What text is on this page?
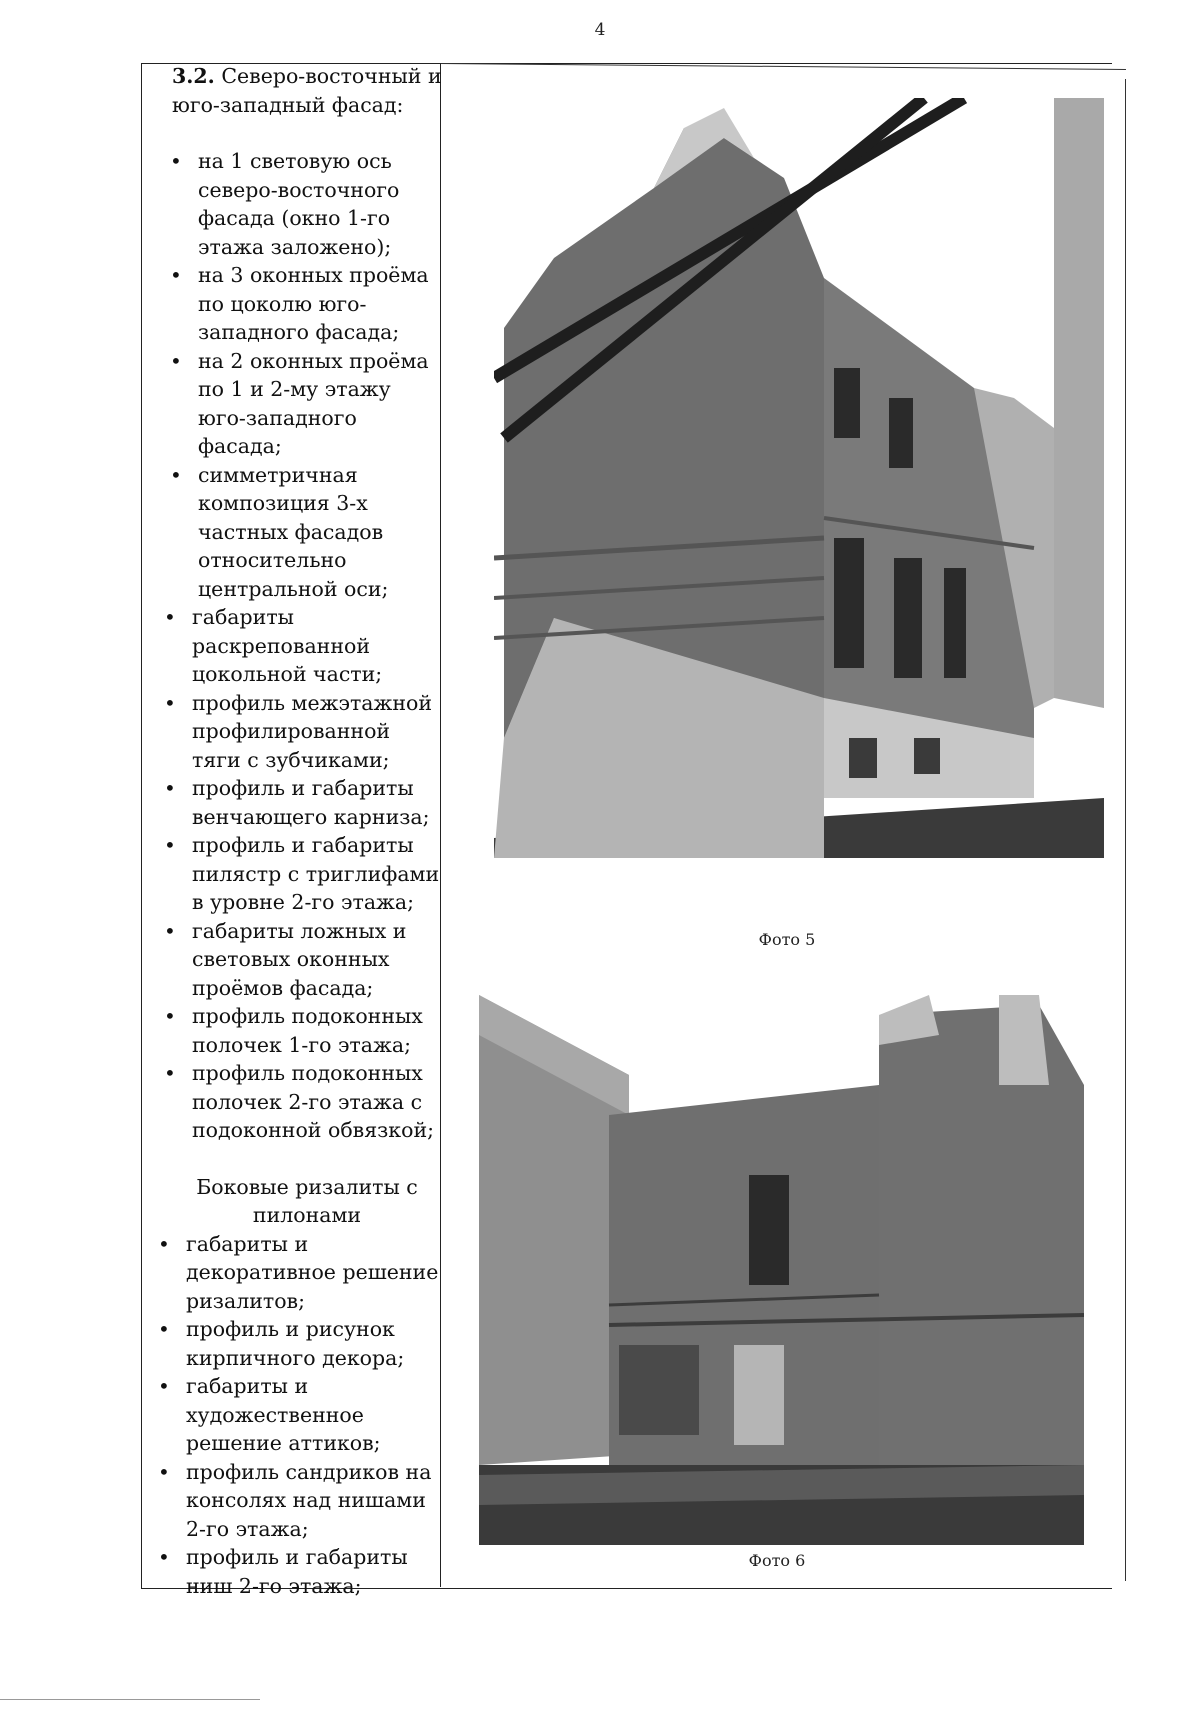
4
3.2. Северо-восточный и юго-западный фасад:
• на 1 световую ось северо-восточного фасада (окно 1-го этажа заложено);
• на 3 оконных проёма по цоколю юго-западного фасада;
• на 2 оконных проёма по 1 и 2-му этажу юго-западного фасада;
• симметричная композиция 3-х частных фасадов относительно центральной оси;
• габариты раскрепованной цокольной части;
• профиль межэтажной профилированной тяги с зубчиками;
• профиль и габариты венчающего карниза;
• профиль и габариты пилястр с триглифами в уровне 2-го этажа;
• габариты ложных и световых оконных проёмов фасада;
• профиль подоконных полочек 1-го этажа;
• профиль подоконных полочек 2-го этажа с подоконной обвязкой;
Боковые ризалиты с пилонами
• габариты и декоративное решение ризалитов;
• профиль и рисунок кирпичного декора;
• габариты и художественное решение аттиков;
• профиль сандриков на консолях над нишами 2-го этажа;
• профиль и габариты ниш 2-го этажа;
Фото 5
Фото 6
